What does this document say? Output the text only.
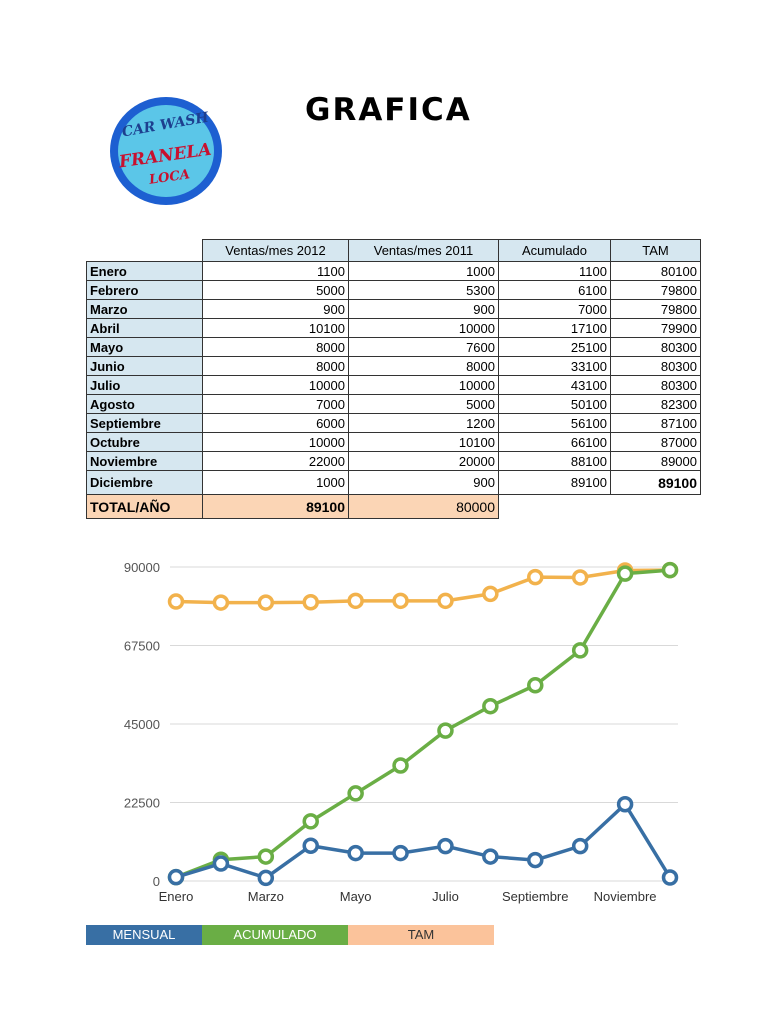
CAR WASH
FRANELA
LOCA
GRAFICA
	Ventas/mes 2012	Ventas/mes 2011	Acumulado	TAM
Enero	1100	1000	1100	80100
Febrero	5000	5300	6100	79800
Marzo	900	900	7000	79800
Abril	10100	10000	17100	79900
Mayo	8000	7600	25100	80300
Junio	8000	8000	33100	80300
Julio	10000	10000	43100	80300
Agosto	7000	5000	50100	82300
Septiembre	6000	1200	56100	87100
Octubre	10000	10100	66100	87000
Noviembre	22000	20000	88100	89000
Diciembre	1000	900	89100	89100
TOTAL/AÑO	89100	80000		
0
22500
45000
67500
90000
Enero	Marzo	Mayo	Julio	Septiembre Noviembre
MENSUAL	ACUMULADO	TAM
